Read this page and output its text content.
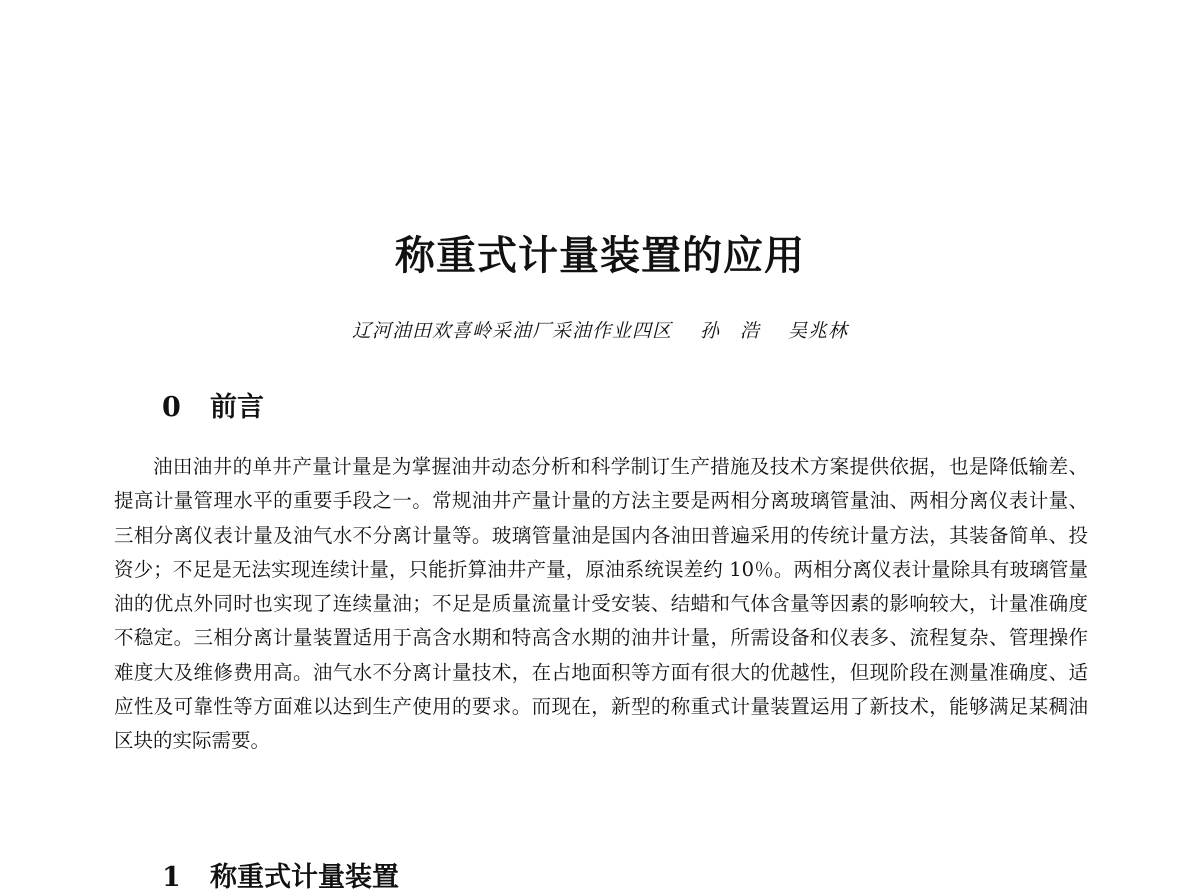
称重式计量装置的应用
辽河油田欢喜岭采油厂采油作业四区 孙　浩 吴兆林
0 前言

油田油井的单井产量计量是为掌握油井动态分析和科学制订生产措施及技术方案提供依据，也是降低输差、提高计量管理水平的重要手段之一。常规油井产量计量的方法主要是两相分离玻璃管量油、两相分离仪表计量、三相分离仪表计量及油气水不分离计量等。玻璃管量油是国内各油田普遍采用的传统计量方法，其装备简单、投资少；不足是无法实现连续计量，只能折算油井产量，原油系统误差约 10％。两相分离仪表计量除具有玻璃管量油的优点外同时也实现了连续量油；不足是质量流量计受安装、结蜡和气体含量等因素的影响较大，计量准确度不稳定。三相分离计量装置适用于高含水期和特高含水期的油井计量，所需设备和仪表多、流程复杂、管理操作难度大及维修费用高。油气水不分离计量技术，在占地面积等方面有很大的优越性，但现阶段在测量准确度、适应性及可靠性等方面难以达到生产使用的要求。而现在，新型的称重式计量装置运用了新技术，能够满足某稠油区块的实际需要。

1 称重式计量装置
